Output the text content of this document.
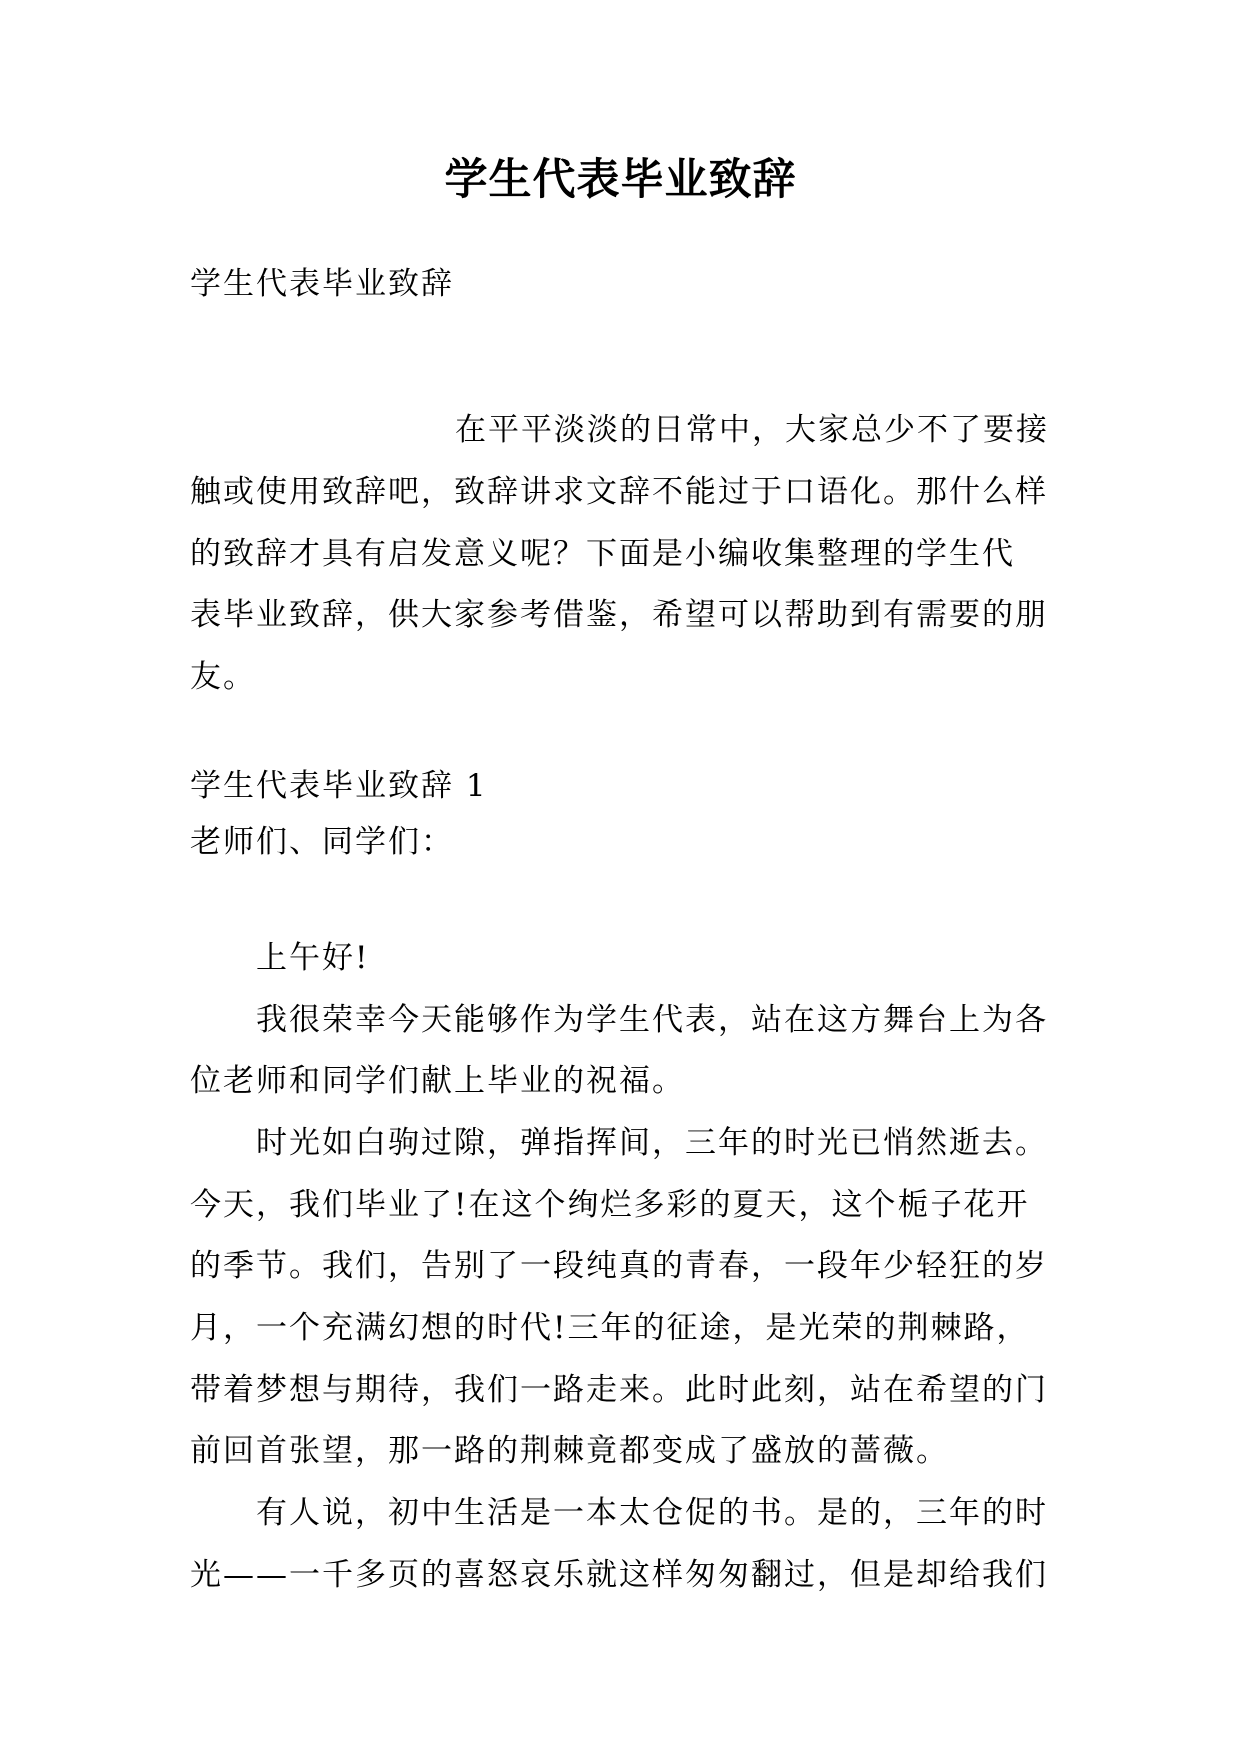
学生代表毕业致辞
学生代表毕业致辞
在平平淡淡的日常中，大家总少不了要接
触或使用致辞吧，致辞讲求文辞不能过于口语化。那什么样
的致辞才具有启发意义呢？下面是小编收集整理的学生代
表毕业致辞，供大家参考借鉴，希望可以帮助到有需要的朋
友。
学生代表毕业致辞 1
老师们、同学们：
上午好!
我很荣幸今天能够作为学生代表，站在这方舞台上为各
位老师和同学们献上毕业的祝福。
时光如白驹过隙，弹指挥间，三年的时光已悄然逝去。
今天，我们毕业了!在这个绚烂多彩的夏天，这个栀子花开
的季节。我们，告别了一段纯真的青春，一段年少轻狂的岁
月，一个充满幻想的时代!三年的征途，是光荣的荆棘路，
带着梦想与期待，我们一路走来。此时此刻，站在希望的门
前回首张望，那一路的荆棘竟都变成了盛放的蔷薇。
有人说，初中生活是一本太仓促的书。是的，三年的时
光——一千多页的喜怒哀乐就这样匆匆翻过，但是却给我们
